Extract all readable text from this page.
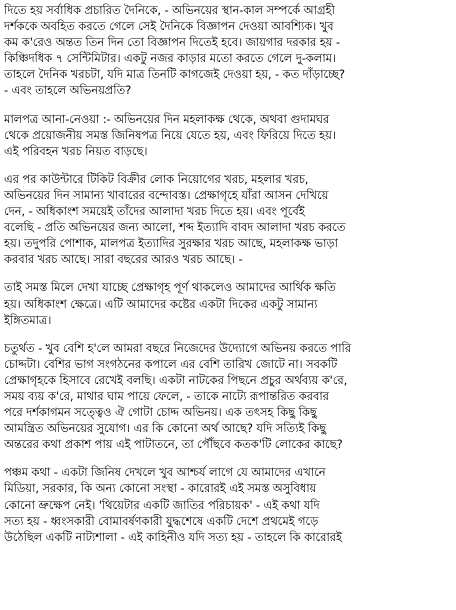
দিতে হয় সর্বাধিক প্রচারিত দৈনিকে, - অভিনয়ের স্থান-কাল সম্পর্কে আগ্রহী
দর্শককে অবহিত করতে গেলে সেই দৈনিকে বিজ্ঞাপন দেওয়া আবশ্যিক। খুব
কম ক'রেও অন্তত তিন দিন তো বিজ্ঞাপন দিতেই হবে। জায়গার দরকার হয় -
কিঞ্চিদধিক ৭ সেন্টিমিটার। একটু নজর কাড়ার মতো করতে গেলে দু-কলাম।
তাহলে দৈনিক খরচটা, যদি মাত্র তিনটি কাগজেই দেওয়া হয়, - কত দাঁড়াচ্ছে?
- এবং তাহলে অভিনয়প্রতি?
মালপত্র আনা-নেওয়া :- অভিনয়ের দিন মহলাকক্ষ থেকে, অথবা গুদামঘর
থেকে প্রয়োজনীয় সমস্ত জিনিষপত্র নিয়ে যেতে হয়, এবং ফিরিয়ে দিতে হয়।
এই পরিবহন খরচ নিয়ত বাড়ছে।
এর পর কাউন্টারে টিকিট বিক্রীর লোক নিয়োগের খরচ, মহলার খরচ,
অভিনয়ের দিন সামান্য খাবারের বন্দোবস্ত। প্রেক্ষাগৃহে যাঁরা আসন দেখিয়ে
দেন, - অধিকাংশ সময়েই তাঁদের আলাদা খরচ দিতে হয়। এবং পূর্বেই
বলেছি - প্রতি অভিনয়ের জন্য আলো, শব্দ ইত্যাদি বাবদ আলাদা খরচ করতে
হয়। তদুপরি পোশাক, মালপত্র ইত্যাদির সুরক্ষার খরচ আছে, মহলাকক্ষ ভাড়া
করবার খরচ আছে। সারা বছরের আরও খরচ আছে। -
তাই সমস্ত মিলে দেখা যাচ্ছে প্রেক্ষাগৃহ পূর্ণ থাকলেও আমাদের আর্থিক ক্ষতি
হয়। অধিকাংশ ক্ষেত্রে। এটি আমাদের কষ্টের একটা দিকের একটু সামান্য
ইঙ্গিতমাত্র।
চতুর্থত - খুব বেশি হ'লে আমরা বছরে নিজেদের উদ্যোগে অভিনয় করতে পারি
চোদ্দটা। বেশির ভাগ সংগঠনের কপালে এর বেশি তারিখ জোটে না। সবকটি
প্রেক্ষাগৃহকে হিসাবে রেখেই বলছি। একটা নাটকের পিছনে প্রচুর অর্থব্যয় ক'রে,
সময় ব্যয় ক'রে, মাথার ঘাম পায়ে ফেলে, - তাকে নাট্যে রূপান্তরিত করবার
পরে দর্শকাগমন সত্ত্বেও ঐ গোটা চোদ্দ অভিনয়। এক তৎসহ কিছু কিছু
আমন্ত্রিত অভিনয়ের সুযোগ। এর কি কোনো অর্থ আছে? যদি সত্যিই কিছু
অন্তরের কথা প্রকাশ পায় এই পাটাতনে, তা পৌঁছবে কতক'টি লোকের কাছে?
পঞ্চম কথা - একটা জিনিষ দেখলে খুব আশ্চর্য লাগে যে আমাদের এখানে
মিডিয়া, সরকার, কি অন্য কোনো সংস্থা - কারোরই এই সমস্ত অসুবিধায়
কোনো ভ্রুক্ষেপ নেই। 'থিয়েটার একটি জাতির পরিচায়ক' - এই কথা যদি
সত্য হয় - ধ্বংসকারী বোমাবর্ষণকারী যুদ্ধশেষে একটি দেশে প্রথমেই গড়ে
উঠেছিল একটি নাট্যশালা - এই কাহিনীও যদি সত্য হয় - তাহলে কি কারোরই
